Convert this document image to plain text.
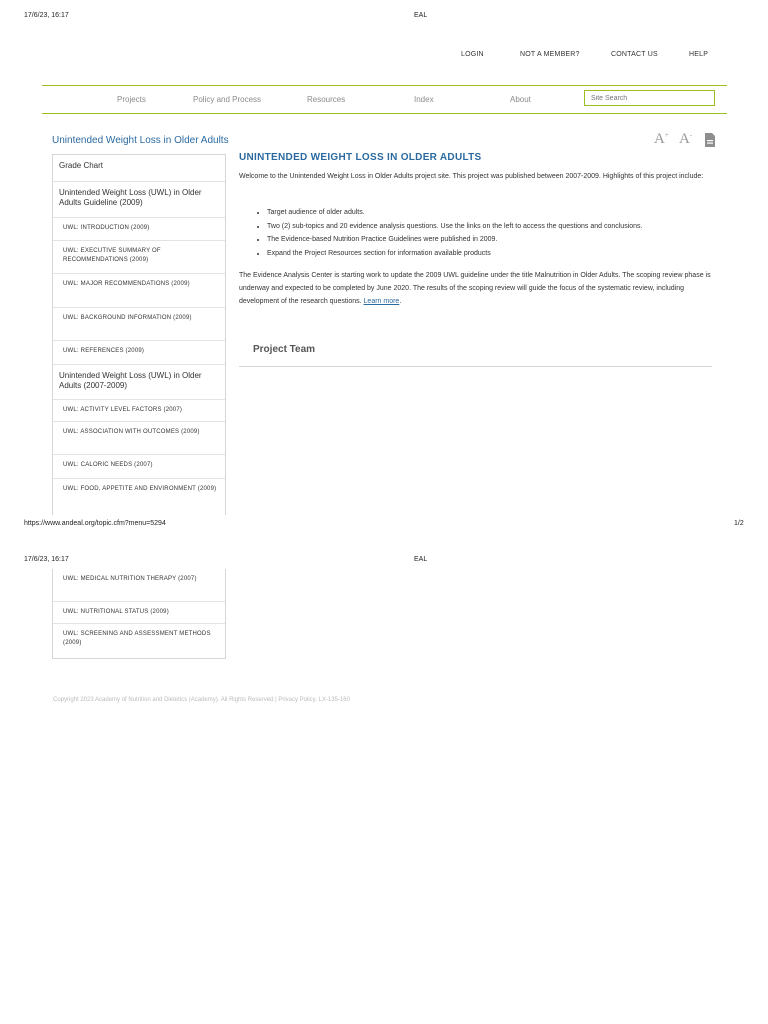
17/6/23, 16:17	EAL
LOGIN	NOT A MEMBER?	CONTACT US	HELP
Projects	Policy and Process	Resources	Index	About
Site Search
Unintended Weight Loss in Older Adults	A+ A-
Grade Chart
Unintended Weight Loss (UWL) in Older Adults Guideline (2009)
UWL: INTRODUCTION (2009)
UWL: EXECUTIVE SUMMARY OF RECOMMENDATIONS (2009)
UWL: MAJOR RECOMMENDATIONS (2009)
UWL: BACKGROUND INFORMATION (2009)
UWL: REFERENCES (2009)
Unintended Weight Loss (UWL) in Older Adults (2007-2009)
UWL: ACTIVITY LEVEL FACTORS (2007)
UWL: ASSOCIATION WITH OUTCOMES (2009)
UWL: CALORIC NEEDS (2007)
UWL: FOOD, APPETITE AND ENVIRONMENT (2009)
UNINTENDED WEIGHT LOSS IN OLDER ADULTS
Welcome to the Unintended Weight Loss in Older Adults project site. This project was published between 2007-2009. Highlights of this project include:
• Target audience of older adults.
• Two (2) sub-topics and 20 evidence analysis questions. Use the links on the left to access the questions and conclusions.
• The Evidence-based Nutrition Practice Guidelines were published in 2009.
• Expand the Project Resources section for information available products
The Evidence Analysis Center is starting work to update the 2009 UWL guideline under the title Malnutrition in Older Adults. The scoping review phase is underway and expected to be completed by June 2020. The results of the scoping review will guide the focus of the systematic review, including development of the research questions. Learn more.
Project Team
https://www.andeal.org/topic.cfm?menu=5294	1/2
17/6/23, 16:17	EAL
UWL: MEDICAL NUTRITION THERAPY (2007)
UWL: NUTRITIONAL STATUS (2009)
UWL: SCREENING AND ASSESSMENT METHODS (2009)
Copyright 2023 Academy of Nutrition and Dietetics (Academy). All Rights Reserved | Privacy Policy. LX-135-160
